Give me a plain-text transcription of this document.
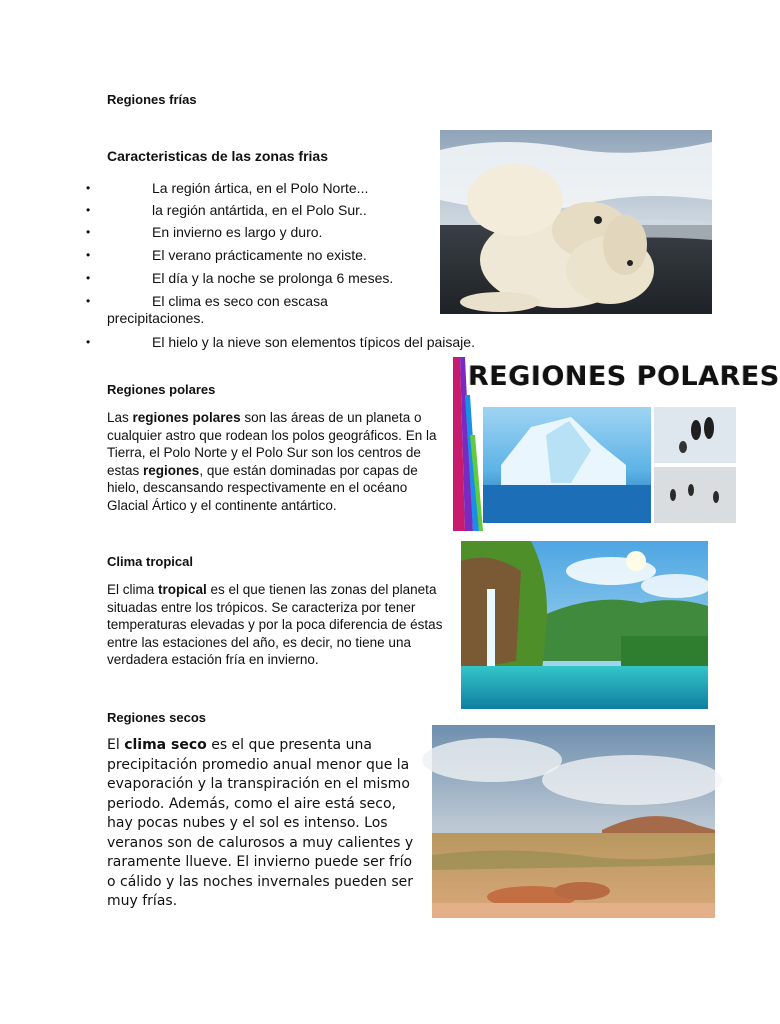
Regiones frías
Caracteristicas de las zonas frias
•	La región ártica, en el Polo Norte...
•	la región antártida, en el Polo Sur..
•	En invierno es largo y duro.
•	El verano prácticamente no existe.
•	El día y la noche se prolonga 6 meses.
•	El clima es seco con escasa
precipitaciones.
•	El hielo y la nieve son elementos típicos del paisaje.
Regiones polares
Las regiones polares son las áreas de un planeta o cualquier astro que rodean los polos geográficos. En la Tierra, el Polo Norte y el Polo Sur son los centros de estas regiones, que están dominadas por capas de hielo, descansando respectivamente en el océano Glacial Ártico y el continente antártico.
REGIONES POLARES
Clima tropical
El clima tropical es el que tienen las zonas del planeta situadas entre los trópicos. Se caracteriza por tener temperaturas elevadas y por la poca diferencia de éstas entre las estaciones del año, es decir, no tiene una verdadera estación fría en invierno.
Regiones secos
El clima seco es el que presenta una precipitación promedio anual menor que la evaporación y la transpiración en el mismo periodo. Además, como el aire está seco, hay pocas nubes y el sol es intenso. Los veranos son de calurosos a muy calientes y raramente llueve. El invierno puede ser frío o cálido y las noches invernales pueden ser muy frías.
